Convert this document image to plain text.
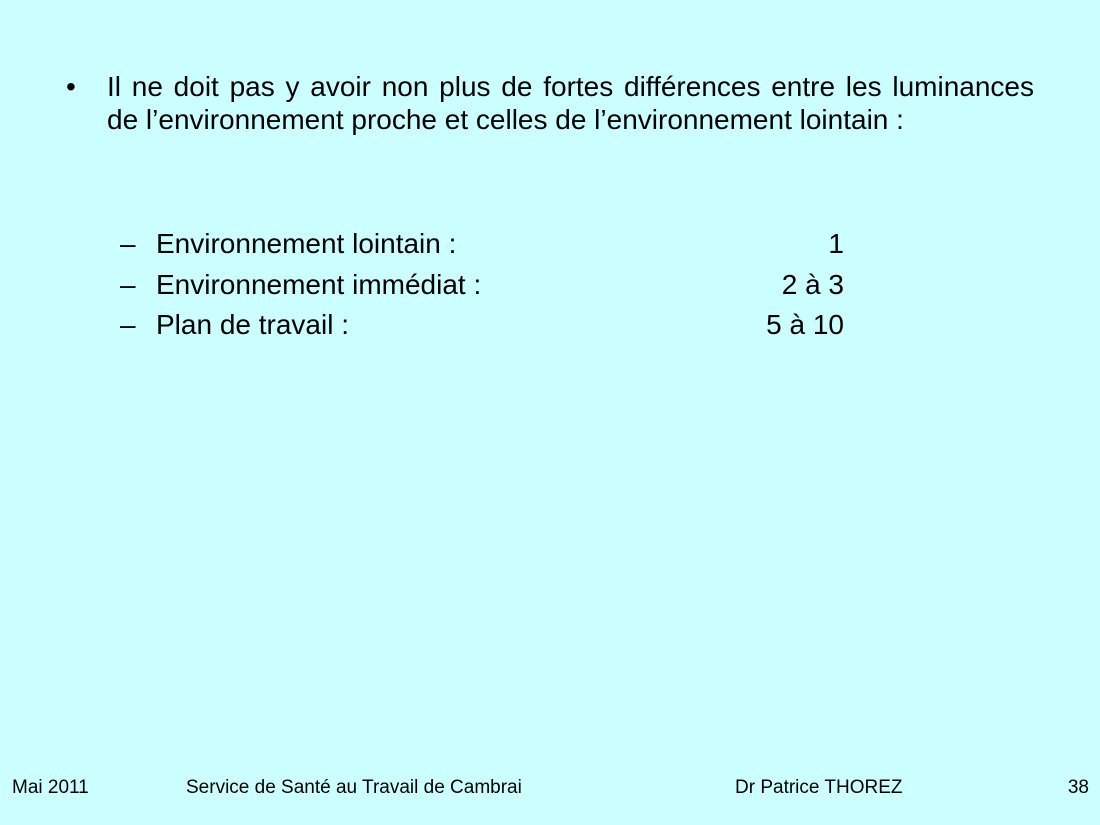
•	Il ne doit pas y avoir non plus de fortes différences entre les luminances de l’environnement proche et celles de l’environnement lointain :
– Environnement lointain :	1
– Environnement immédiat :	2 à 3
– Plan de travail :	5 à 10
Mai 2011	Service de Santé au Travail de Cambrai	Dr Patrice THOREZ	38
